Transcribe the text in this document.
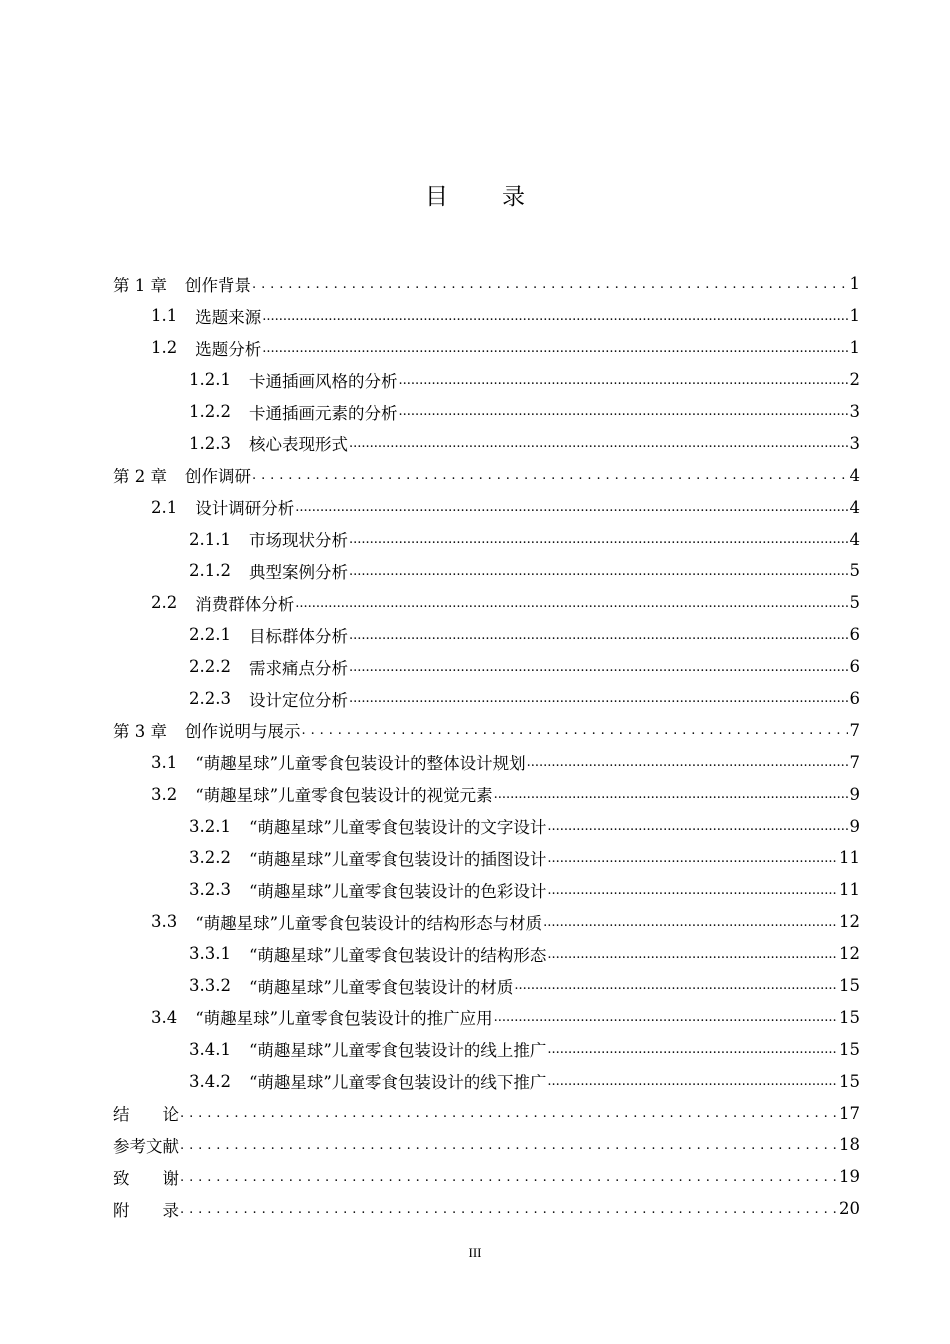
目 录
第 1 章 创作背景 . . .	1
1.1 选题来源 .....	1
1.2 选题分析 .....	1
1.2.1 卡通插画风格的分析 .....	2
1.2.2 卡通插画元素的分析 .....	3
1.2.3 核心表现形式 .....	3
第 2 章 创作调研 . . .	4
2.1 设计调研分析 .....	4
2.1.1 市场现状分析 .....	4
2.1.2 典型案例分析 .....	5
2.2 消费群体分析 .....	5
2.2.1 目标群体分析 .....	6
2.2.2 需求痛点分析 .....	6
2.2.3 设计定位分析 .....	6
第 3 章 创作说明与展示 . . .	7
3.1 “萌趣星球”儿童零食包装设计的整体设计规划 .....	7
3.2 “萌趣星球”儿童零食包装设计的视觉元素 .....	9
3.2.1 “萌趣星球”儿童零食包装设计的文字设计 .....	9
3.2.2 “萌趣星球”儿童零食包装设计的插图设计 .....	11
3.2.3 “萌趣星球”儿童零食包装设计的色彩设计 .....	11
3.3 “萌趣星球”儿童零食包装设计的结构形态与材质 .....	12
3.3.1 “萌趣星球”儿童零食包装设计的结构形态 .....	12
3.3.2 “萌趣星球”儿童零食包装设计的材质 .....	15
3.4 “萌趣星球”儿童零食包装设计的推广应用 .....	15
3.4.1 “萌趣星球”儿童零食包装设计的线上推广 .....	15
3.4.2 “萌趣星球”儿童零食包装设计的线下推广 .....	15
结　　论 . . .	17
参考文献 . . .	18
致　　谢 . . .	19
附　　录 . . .	20
III
